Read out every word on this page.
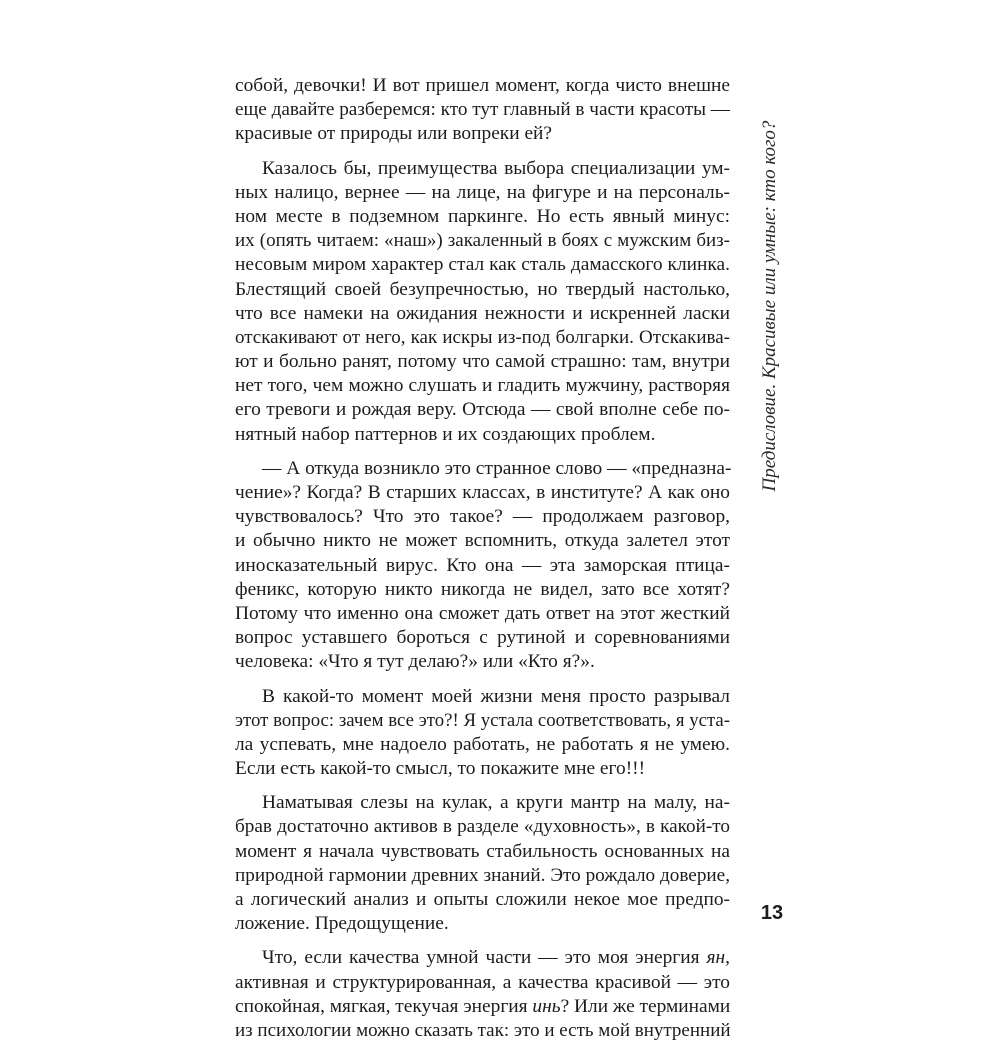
собой, девочки! И вот пришел момент, когда чисто внешне
еще давайте разберемся: кто тут главный в части красоты —
красивые от природы или вопреки ей?
Казалось бы, преимущества выбора специализации ум-
ных налицо, вернее — на лице, на фигуре и на персональ-
ном месте в подземном паркинге. Но есть явный минус:
их (опять читаем: «наш») закаленный в боях с мужским биз-
несовым миром характер стал как сталь дамасского клинка.
Блестящий своей безупречностью, но твердый настолько,
что все намеки на ожидания нежности и искренней ласки
отскакивают от него, как искры из-под болгарки. Отскакива-
ют и больно ранят, потому что самой страшно: там, внутри
нет того, чем можно слушать и гладить мужчину, растворяя
его тревоги и рождая веру. Отсюда — свой вполне себе по-
нятный набор паттернов и их создающих проблем.
— А откуда возникло это странное слово — «предназна-
чение»? Когда? В старших классах, в институте? А как оно
чувствовалось? Что это такое? — продолжаем разговор,
и обычно никто не может вспомнить, откуда залетел этот
иносказательный вирус. Кто она — эта заморская птица-
феникс, которую никто никогда не видел, зато все хотят?
Потому что именно она сможет дать ответ на этот жесткий
вопрос уставшего бороться с рутиной и соревнованиями
человека: «Что я тут делаю?» или «Кто я?».
В какой-то момент моей жизни меня просто разрывал
этот вопрос: зачем все это?! Я устала соответствовать, я уста-
ла успевать, мне надоело работать, не работать я не умею.
Если есть какой-то смысл, то покажите мне его!!!
Наматывая слезы на кулак, а круги мантр на малу, на-
брав достаточно активов в разделе «духовность», в какой-то
момент я начала чувствовать стабильность основанных на
природной гармонии древних знаний. Это рождало доверие,
а логический анализ и опыты сложили некое мое предпо-
ложение. Предощущение.
Что, если качества умной части — это моя энергия ян,
активная и структурированная, а качества красивой — это
спокойная, мягкая, текучая энергия инь? Или же терминами
из психологии можно сказать так: это и есть мой внутренний
Предисловие. Красивые или умные: кто кого?
13
